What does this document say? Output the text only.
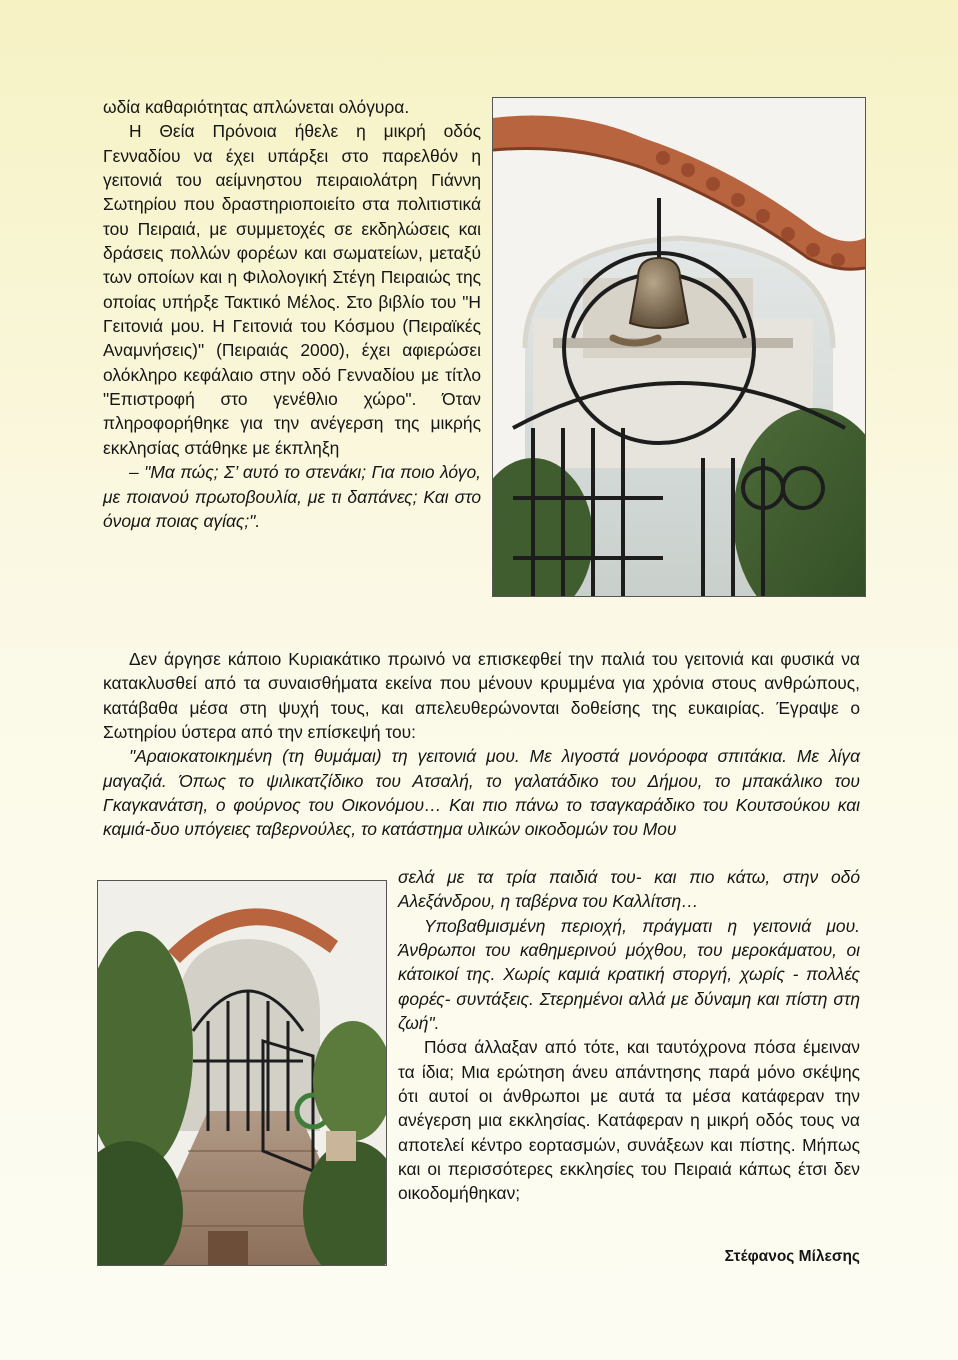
ωδία καθαριότητας απλώνεται ολόγυρα.

Η Θεία Πρόνοια ήθελε η μικρή οδός Γενναδίου να έχει υπάρξει στο παρελθόν η γειτονιά του αείμνηστου πειραιολάτρη Γιάννη Σωτηρίου που δραστηριοποιείτο στα πολιτιστικά του Πειραιά, με συμμετοχές σε εκδηλώσεις και δράσεις πολλών φορέων και σωματείων, μεταξύ των οποίων και η Φιλολογική Στέγη Πειραιώς της οποίας υπήρξε Τακτικό Μέλος. Στο βιβλίο του "Η Γειτονιά μου. Η Γειτονιά του Κόσμου (Πειραϊκές Αναμνήσεις)" (Πειραιάς 2000), έχει αφιερώσει ολόκληρο κεφάλαιο στην οδό Γενναδίου με τίτλο "Επιστροφή στο γενέθλιο χώρο". Όταν πληροφορήθηκε για την ανέγερση της μικρής εκκλησίας στάθηκε με έκπληξη

– "Μα πώς; Σ’ αυτό το στενάκι; Για ποιο λόγο, με ποιανού πρωτοβουλία, με τι δαπάνες; Και στο όνομα ποιας αγίας;".

Δεν άργησε κάποιο Κυριακάτικο πρωινό να επισκεφθεί την παλιά του γειτονιά και φυσικά να κατακλυσθεί από τα συναισθήματα εκείνα που μένουν κρυμμένα για χρόνια στους ανθρώπους, κατάβαθα μέσα στη ψυχή τους, και απελευθερώνονται δοθείσης της ευκαιρίας. Έγραψε ο Σωτηρίου ύστερα από την επίσκεψή του:

"Αραιοκατοικημένη (τη θυμάμαι) τη γειτονιά μου. Με λιγοστά μονόροφα σπιτάκια. Με λίγα μαγαζιά. Όπως το ψιλικατζίδικο του Ατσαλή, το γαλατάδικο του Δήμου, το μπακάλικο του Γκαγκανάτση, ο φούρνος του Οικονόμου… Και πιο πάνω το τσαγκαράδικο του Κουτσούκου και καμιά-δυο υπόγειες ταβερνούλες, το κατάστημα υλικών οικοδομών του Μου

σελά με τα τρία παιδιά του- και πιο κάτω, στην οδό Αλεξάνδρου, η ταβέρνα του Καλλίτση…

Υποβαθμισμένη περιοχή, πράγματι η γειτονιά μου. Άνθρωποι του καθημερινού μόχθου, του μεροκάματου, οι κάτοικοί της. Χωρίς καμιά κρατική στοργή, χωρίς - πολλές φορές- συντάξεις. Στερημένοι αλλά με δύναμη και πίστη στη ζωή".

Πόσα άλλαξαν από τότε, και ταυτόχρονα πόσα έμειναν τα ίδια; Μια ερώτηση άνευ απάντησης παρά μόνο σκέψης ότι αυτοί οι άνθρωποι με αυτά τα μέσα κατάφεραν την ανέγερση μια εκκλησίας. Κατάφεραν η μικρή οδός τους να αποτελεί κέντρο εορτασμών, συνάξεων και πίστης. Μήπως και οι περισσότερες εκκλησίες του Πειραιά κάπως έτσι δεν οικοδομήθηκαν;

Στέφανος Μίλεσης
